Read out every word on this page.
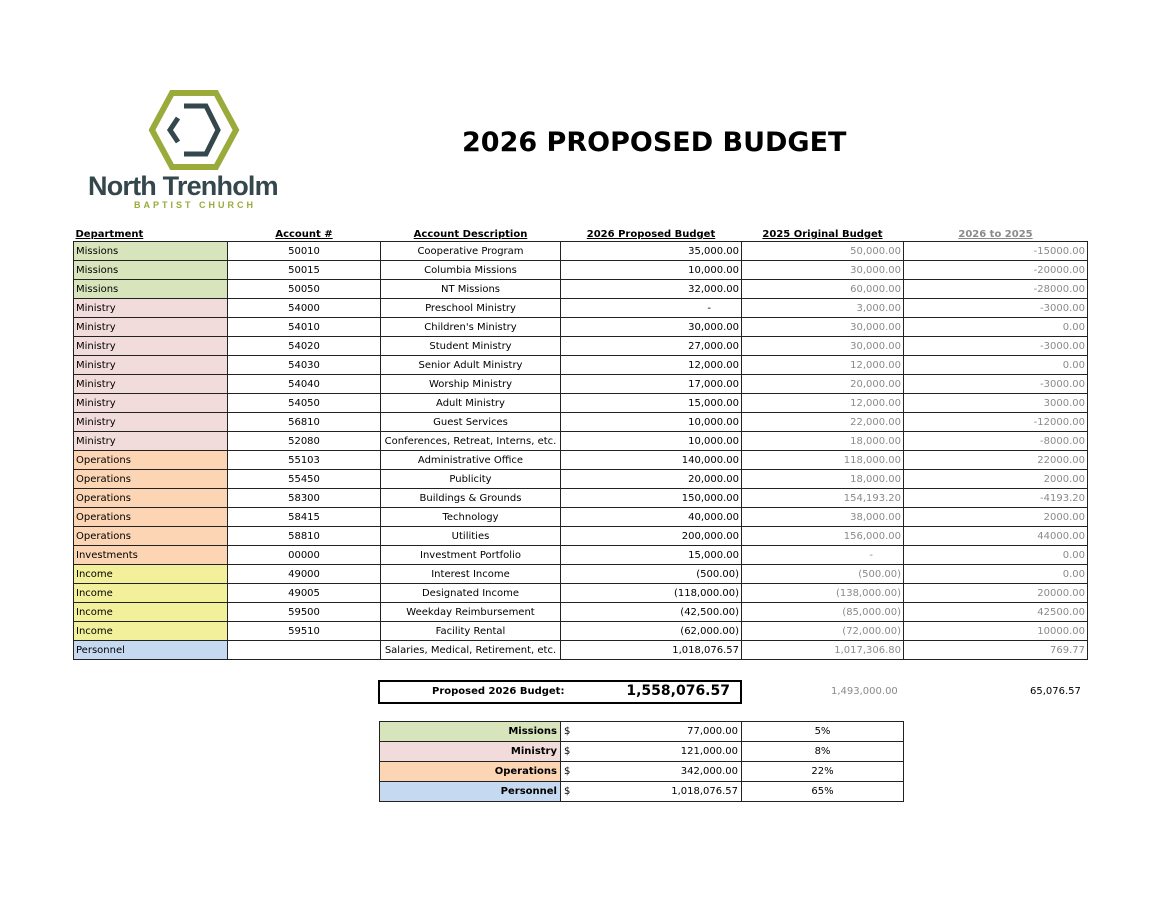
North Trenholm
BAPTIST CHURCH
2026 PROPOSED BUDGET
Department	Account #	Account Description	2026 Proposed Budget	2025 Original Budget	2026 to 2025
Missions	50010	Cooperative Program	35,000.00	50,000.00	-15000.00
Missions	50015	Columbia Missions	10,000.00	30,000.00	-20000.00
Missions	50050	NT Missions	32,000.00	60,000.00	-28000.00
Ministry	54000	Preschool Ministry	-	3,000.00	-3000.00
Ministry	54010	Children's Ministry	30,000.00	30,000.00	0.00
Ministry	54020	Student Ministry	27,000.00	30,000.00	-3000.00
Ministry	54030	Senior Adult Ministry	12,000.00	12,000.00	0.00
Ministry	54040	Worship Ministry	17,000.00	20,000.00	-3000.00
Ministry	54050	Adult Ministry	15,000.00	12,000.00	3000.00
Ministry	56810	Guest Services	10,000.00	22,000.00	-12000.00
Ministry	52080	Conferences, Retreat, Interns, etc.	10,000.00	18,000.00	-8000.00
Operations	55103	Administrative Office	140,000.00	118,000.00	22000.00
Operations	55450	Publicity	20,000.00	18,000.00	2000.00
Operations	58300	Buildings & Grounds	150,000.00	154,193.20	-4193.20
Operations	58415	Technology	40,000.00	38,000.00	2000.00
Operations	58810	Utilities	200,000.00	156,000.00	44000.00
Investments	00000	Investment Portfolio	15,000.00	-	0.00
Income	49000	Interest Income	(500.00)	(500.00)	0.00
Income	49005	Designated Income	(118,000.00)	(138,000.00)	20000.00
Income	59500	Weekday Reimbursement	(42,500.00)	(85,000.00)	42500.00
Income	59510	Facility Rental	(62,000.00)	(72,000.00)	10000.00
Personnel		Salaries, Medical, Retirement, etc.	1,018,076.57	1,017,306.80	769.77
Proposed 2026 Budget:	1,558,076.57	1,493,000.00	65,076.57
Missions	$ 77,000.00	5%
Ministry	$ 121,000.00	8%
Operations	$ 342,000.00	22%
Personnel	$ 1,018,076.57	65%
